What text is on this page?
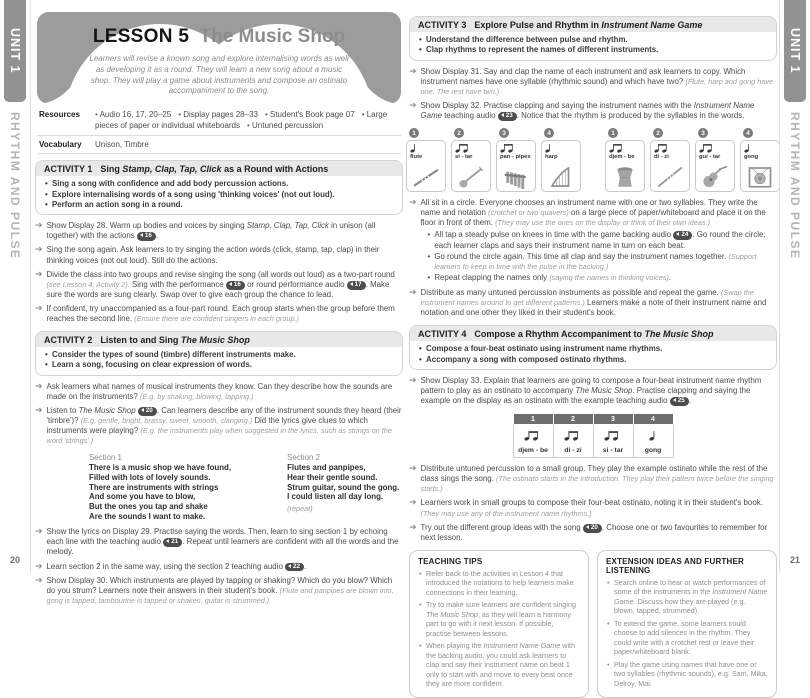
UNIT 1
RHYTHM AND PULSE
20
LESSON 5 The Music Shop
Learners will revise a known song and explore internalising words as well as developing it as a round. They will learn a new song about a music shop. They will play a game about instruments and compose an ostinato accompaniment to the song.
Resources	• Audio 16, 17, 20–25 • Display pages 28–33 • Student's Book page 07 • Large pieces of paper or individual whiteboards • Untuned percussion
Vocabulary	Unison, Timbre
ACTIVITY 1 Sing Stamp, Clap, Tap, Click as a Round with Actions
• Sing a song with confidence and add body percussion actions.
• Explore internalising words of a song using 'thinking voices' (not out loud).
• Perform an action song in a round.
➔
Show Display 28. Warm up bodies and voices by singing Stamp, Clap, Tap, Click in unison (all together) with the actions 16 .
➔
Sing the song again. Ask learners to try singing the action words (click, stamp, tap, clap) in their thinking voices (not out loud). Still do the actions.
➔
Divide the class into two groups and revise singing the song (all words out loud) as a two-part round (see Lesson 4, Activity 2). Sing with the performance 16 or round performance audio 17 . Make sure the words are sung clearly. Swap over to give each group the chance to lead.
➔
If confident, try unaccompanied as a four-part round. Each group starts when the group before them reaches the second line. (Ensure there are confident singers in each group.)
ACTIVITY 2 Listen to and Sing The Music Shop
• Consider the types of sound (timbre) different instruments make.
• Learn a song, focusing on clear expression of words.
➔
Ask learners what names of musical instruments they know. Can they describe how the sounds are made on the instruments? (E.g. by shaking, blowing, tapping.)
➔
Listen to The Music Shop 20 . Can learners describe any of the instrument sounds they heard (their 'timbre')? (E.g. gentle, bright, brassy, sweet, smooth, clanging.) Did the lyrics give clues to which instruments were playing? (E.g. the instruments play when suggested in the lyrics, such as strings on the word 'strings'.)
Section 1
There is a music shop we have found,
Filled with lots of lovely sounds.
There are instruments with strings
And some you have to blow,
But the ones you tap and shake
Are the sounds I want to make.
Section 2
Flutes and panpipes,
Hear their gentle sound.
Strum guitar, sound the gong.
I could listen all day long.
(repeat)
➔
Show the lyrics on Display 29. Practise saying the words. Then, learn to sing section 1 by echoing each line with the teaching audio 21 . Repeat until learners are confident with all the words and the melody.
➔
Learn section 2 in the same way, using the section 2 teaching audio 22 .
➔
Show Display 30. Which instruments are played by tapping or shaking? Which do you blow? Which do you strum? Learners note their answers in their student's book. (Flute and panpipes are blown into, gong is tapped, tambourine is tapped or shaken, guitar is strummed.)
ACTIVITY 3 Explore Pulse and Rhythm in Instrument Name Game
• Understand the difference between pulse and rhythm.
• Clap rhythms to represent the names of different instruments.
➔
Show Display 31. Say and clap the name of each instrument and ask learners to copy. Which instrument names have one syllable (rhythmic sound) and which have two? (Flute, harp and gong have one. The rest have two.)
➔
Show Display 32. Practise clapping and saying the instrument names with the Instrument Name Game teaching audio 23 . Notice that the rhythm is produced by the syllables in the words.
1
flute
2
si - tar
3
pan - pipes
4
harp
1
djem - be
2
di - zi
3
gui - tar
4
gong
➔
All sit in a circle. Everyone chooses an instrument name with one or two syllables. They write the name and notation (crotchet or two quavers) on a large piece of paper/whiteboard and place it on the floor in front of them. (They may use the ones on the display or think of their own ideas.)
• All tap a steady pulse on knees in time with the game backing audio 24 . Go round the circle; each learner claps and says their instrument name in turn on each beat.
• Go round the circle again. This time all clap and say the instrument names together. (Support learners to keep in time with the pulse in the backing.)
• Repeat clapping the names only (saying the names in thinking voices).
➔
Distribute as many untuned percussion instruments as possible and repeat the game. (Swap the instrument names around to get different patterns.) Learners make a note of their instrument name and notation and one other they liked in their student's book.
ACTIVITY 4 Compose a Rhythm Accompaniment to The Music Shop
• Compose a four-beat ostinato using instrument name rhythms.
• Accompany a song with composed ostinato rhythms.
➔
Show Display 33. Explain that learners are going to compose a four-beat instrument name rhythm pattern to play as an ostinato to accompany The Music Shop. Practise clapping and saying the example on the display as an ostinato with the example teaching audio 25 .
1	2	3	4

djem - be	di - zi	si - tar	gong
➔
Distribute untuned percussion to a small group. They play the example ostinato while the rest of the class sings the song. (The ostinato starts in the introduction. They play their pattern twice before the singing starts.)
➔
Learners work in small groups to compose their four-beat ostinato, noting it in their student's book. (They may use any of the instrument name rhythms.)
➔
Try out the different group ideas with the song 20 . Choose one or two favourites to remember for next lesson.
TEACHING TIPS
• Refer back to the activities in Lesson 4 that introduced the notations to help learners make connections in their learning.
• Try to make sure learners are confident singing The Music Shop, as they will learn a harmony part to go with it next lesson. If possible, practise between lessons.
• When playing the Instrument Name Game with the backing audio, you could ask learners to clap and say their instrument name on beat 1 only to start with and move to every beat once they are more confident.
EXTENSION IDEAS AND FURTHER LISTENING
• Search online to hear or watch performances of some of the instruments in the Instrument Name Game. Discuss how they are played (e.g. blown, tapped, strummed).
• To extend the game, some learners could choose to add silences in the rhythm. They could write with a crotchet rest or leave their paper/whiteboard blank.
• Play the game using names that have one or two syllables (rhythmic sounds), e.g. Sam, Mika, Delroy, Mai.
UNIT 1
RHYTHM AND PULSE
21
